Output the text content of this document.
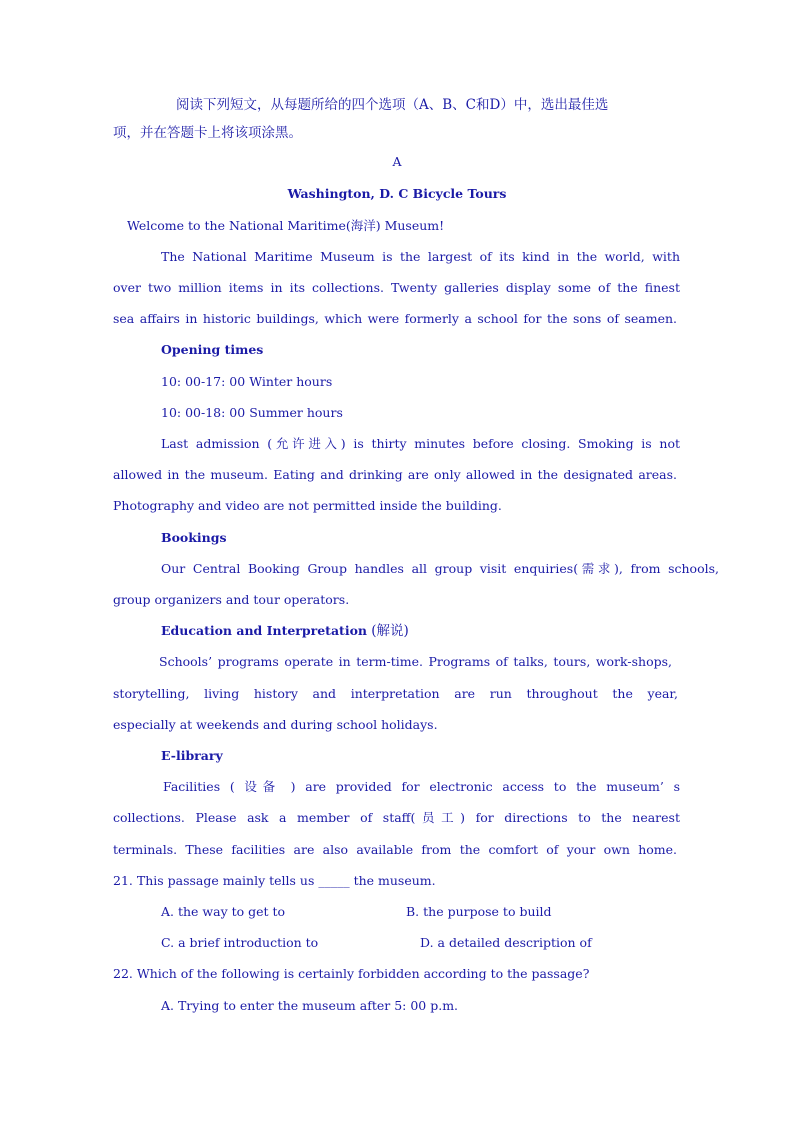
阅读下列短文，从每题所给的四个选项（A、B、C和D）中，选出最佳选
项，并在答题卡上将该项涂黑。
A
Washington, D. C Bicycle Tours
Welcome to the National Maritime(海洋) Museum!
The National Maritime Museum is the largest of its kind in the world, with
over two million items in its collections. Twenty galleries display some of the finest
sea affairs in historic buildings, which were formerly a school for the sons of seamen.
Opening times
10: 00-17: 00 Winter hours
10: 00-18: 00 Summer hours
Last admission (允许进入) is thirty minutes before closing. Smoking is not
allowed in the museum. Eating and drinking are only allowed in the designated areas.
Photography and video are not permitted inside the building.
Bookings
Our Central Booking Group handles all group visit enquiries(需求), from schools,
group organizers and tour operators.
Education and Interpretation (解说)
Schools’ programs operate in term-time. Programs of talks, tours, work-shops,
storytelling, living history and interpretation are run throughout the year,
especially at weekends and during school holidays.
E-library
Facilities ( 设备 ) are provided for electronic access to the museum’ s
collections. Please ask a member of staff(员工) for directions to the nearest
terminals. These facilities are also available from the comfort of your own home.
21. This passage mainly tells us _____ the museum.
A. the way to get to	B. the purpose to build
C. a brief introduction to	D. a detailed description of
22. Which of the following is certainly forbidden according to the passage?
A. Trying to enter the museum after 5: 00 p.m.
